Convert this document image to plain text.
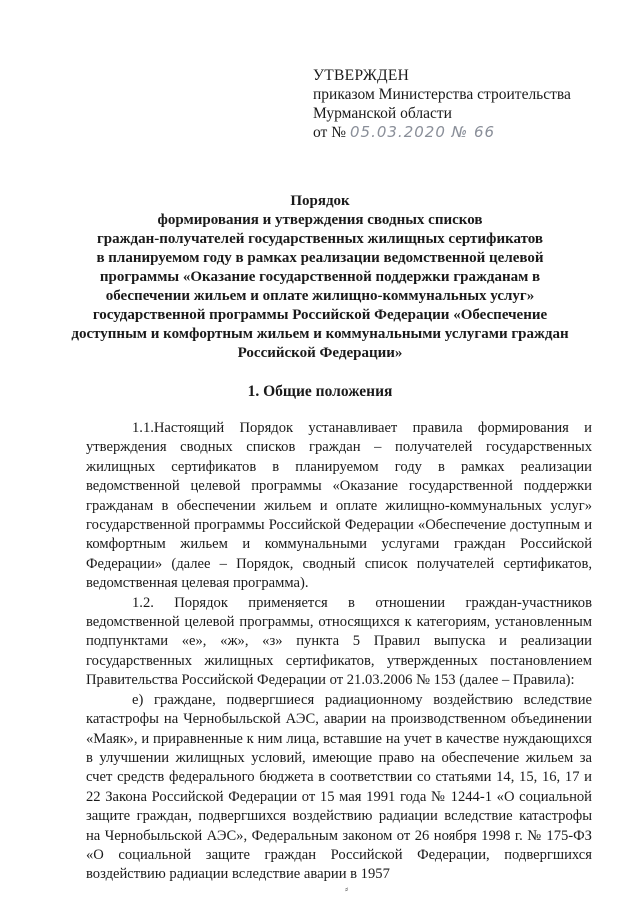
УТВЕРЖДЕН
приказом Министерства строительства
Мурманской области
от № 05.03.2020 № 66
Порядок
формирования и утверждения сводных списков
граждан-получателей государственных жилищных сертификатов
в планируемом году в рамках реализации ведомственной целевой
программы «Оказание государственной поддержки гражданам в
обеспечении жильем и оплате жилищно-коммунальных услуг»
государственной программы Российской Федерации «Обеспечение
доступным и комфортным жильем и коммунальными услугами граждан
Российской Федерации»
1. Общие положения

1.1.Настоящий Порядок устанавливает правила формирования и утверждения сводных списков граждан – получателей государственных жилищных сертификатов в планируемом году в рамках реализации ведомственной целевой программы «Оказание государственной поддержки гражданам в обеспечении жильем и оплате жилищно-коммунальных услуг» государственной программы Российской Федерации «Обеспечение доступным и комфортным жильем и коммунальными услугами граждан Российской Федерации» (далее – Порядок, сводный список получателей сертификатов, ведомственная целевая программа).

1.2. Порядок применяется в отношении граждан-участников ведомственной целевой программы, относящихся к категориям, установленным подпунктами «е», «ж», «з» пункта 5 Правил выпуска и реализации государственных жилищных сертификатов, утвержденных постановлением Правительства Российской Федерации от 21.03.2006 № 153 (далее – Правила):

е) граждане, подвергшиеся радиационному воздействию вследствие катастрофы на Чернобыльской АЭС, аварии на производственном объединении «Маяк», и приравненные к ним лица, вставшие на учет в качестве нуждающихся в улучшении жилищных условий, имеющие право на обеспечение жильем за счет средств федерального бюджета в соответствии со статьями 14, 15, 16, 17 и 22 Закона Российской Федерации от 15 мая 1991 года № 1244-1 «О социальной защите граждан, подвергшихся воздействию радиации вследствие катастрофы на Чернобыльской АЭС», Федеральным законом от 26 ноября 1998 г. № 175-ФЗ «О социальной защите граждан Российской Федерации, подвергшихся воздействию радиации вследствие аварии в 1957

⸗
